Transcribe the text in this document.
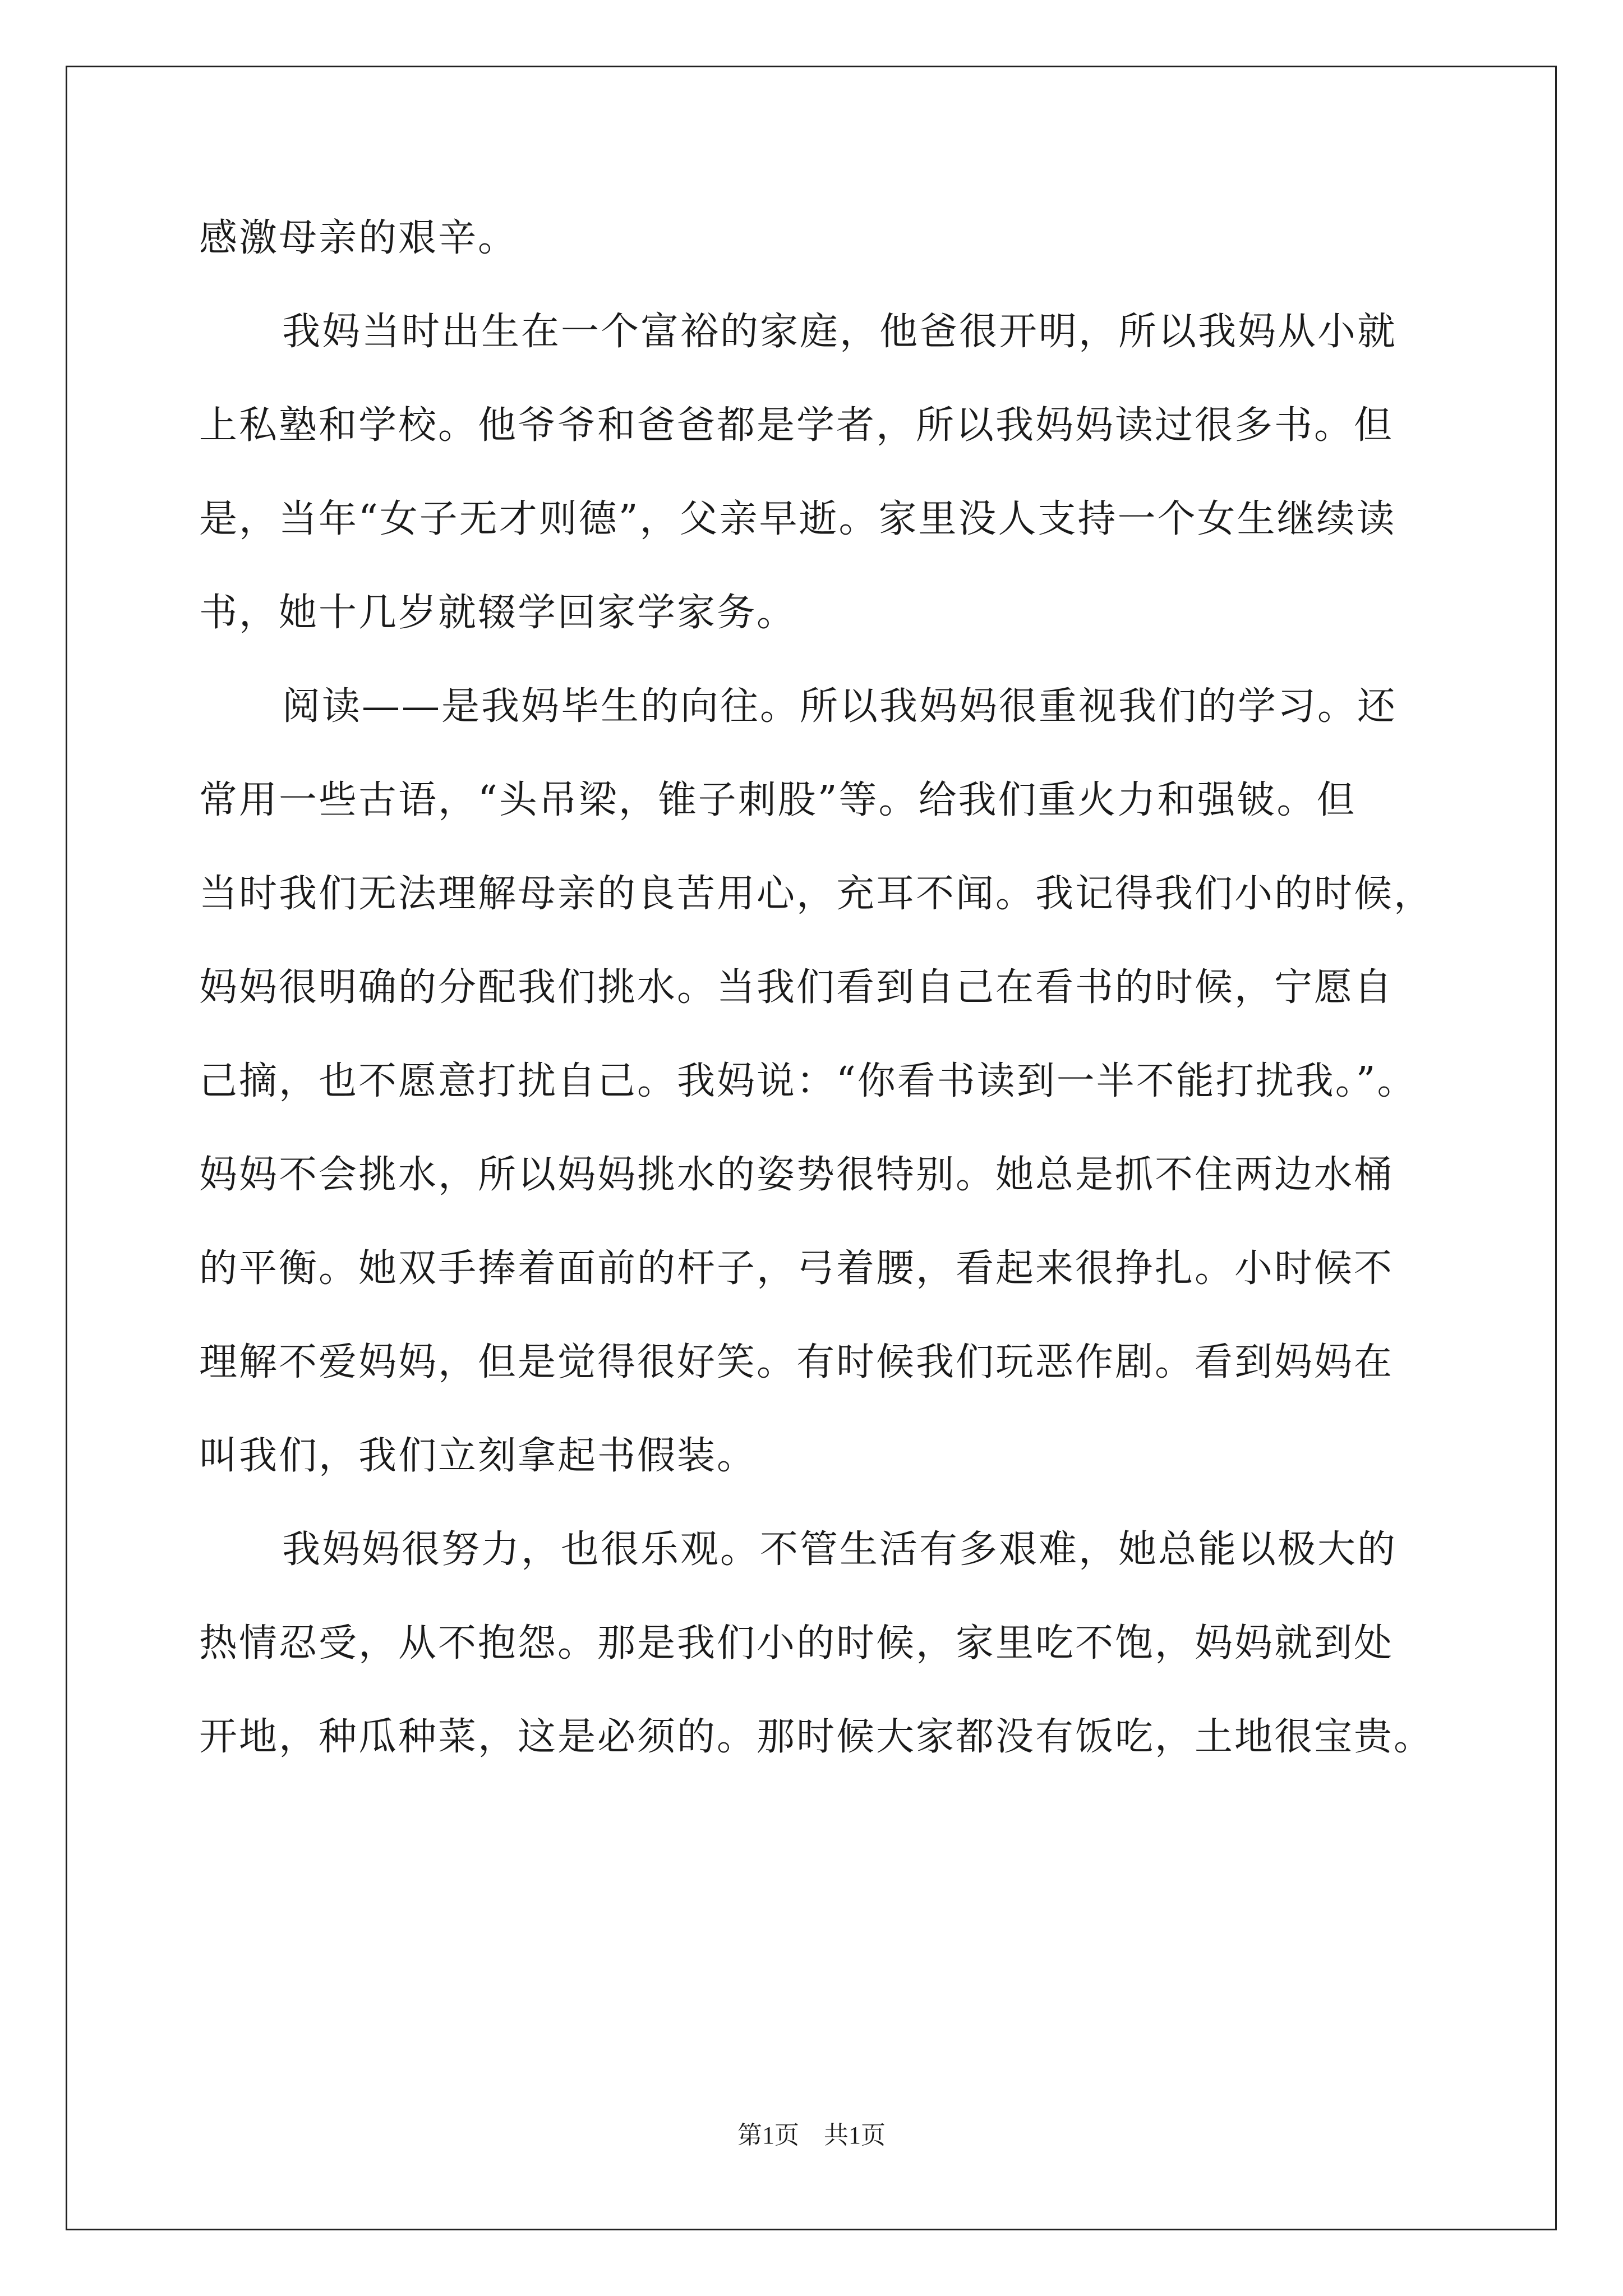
感激母亲的艰辛。
我妈当时出生在一个富裕的家庭，他爸很开明，所以我妈从小就
上私塾和学校。他爷爷和爸爸都是学者，所以我妈妈读过很多书。但
是，当年“女子无才则德”，父亲早逝。家里没人支持一个女生继续读
书，她十几岁就辍学回家学家务。
阅读——是我妈毕生的向往。所以我妈妈很重视我们的学习。还
常用一些古语，“头吊梁，锥子刺股”等。给我们重火力和强铍。但
当时我们无法理解母亲的良苦用心，充耳不闻。我记得我们小的时候，
妈妈很明确的分配我们挑水。当我们看到自己在看书的时候，宁愿自
己摘，也不愿意打扰自己。我妈说：“你看书读到一半不能打扰我。”。
妈妈不会挑水，所以妈妈挑水的姿势很特别。她总是抓不住两边水桶
的平衡。她双手捧着面前的杆子，弓着腰，看起来很挣扎。小时候不
理解不爱妈妈，但是觉得很好笑。有时候我们玩恶作剧。看到妈妈在
叫我们，我们立刻拿起书假装。
我妈妈很努力，也很乐观。不管生活有多艰难，她总能以极大的
热情忍受，从不抱怨。那是我们小的时候，家里吃不饱，妈妈就到处
开地，种瓜种菜，这是必须的。那时候大家都没有饭吃，土地很宝贵。
第1页 共1页
